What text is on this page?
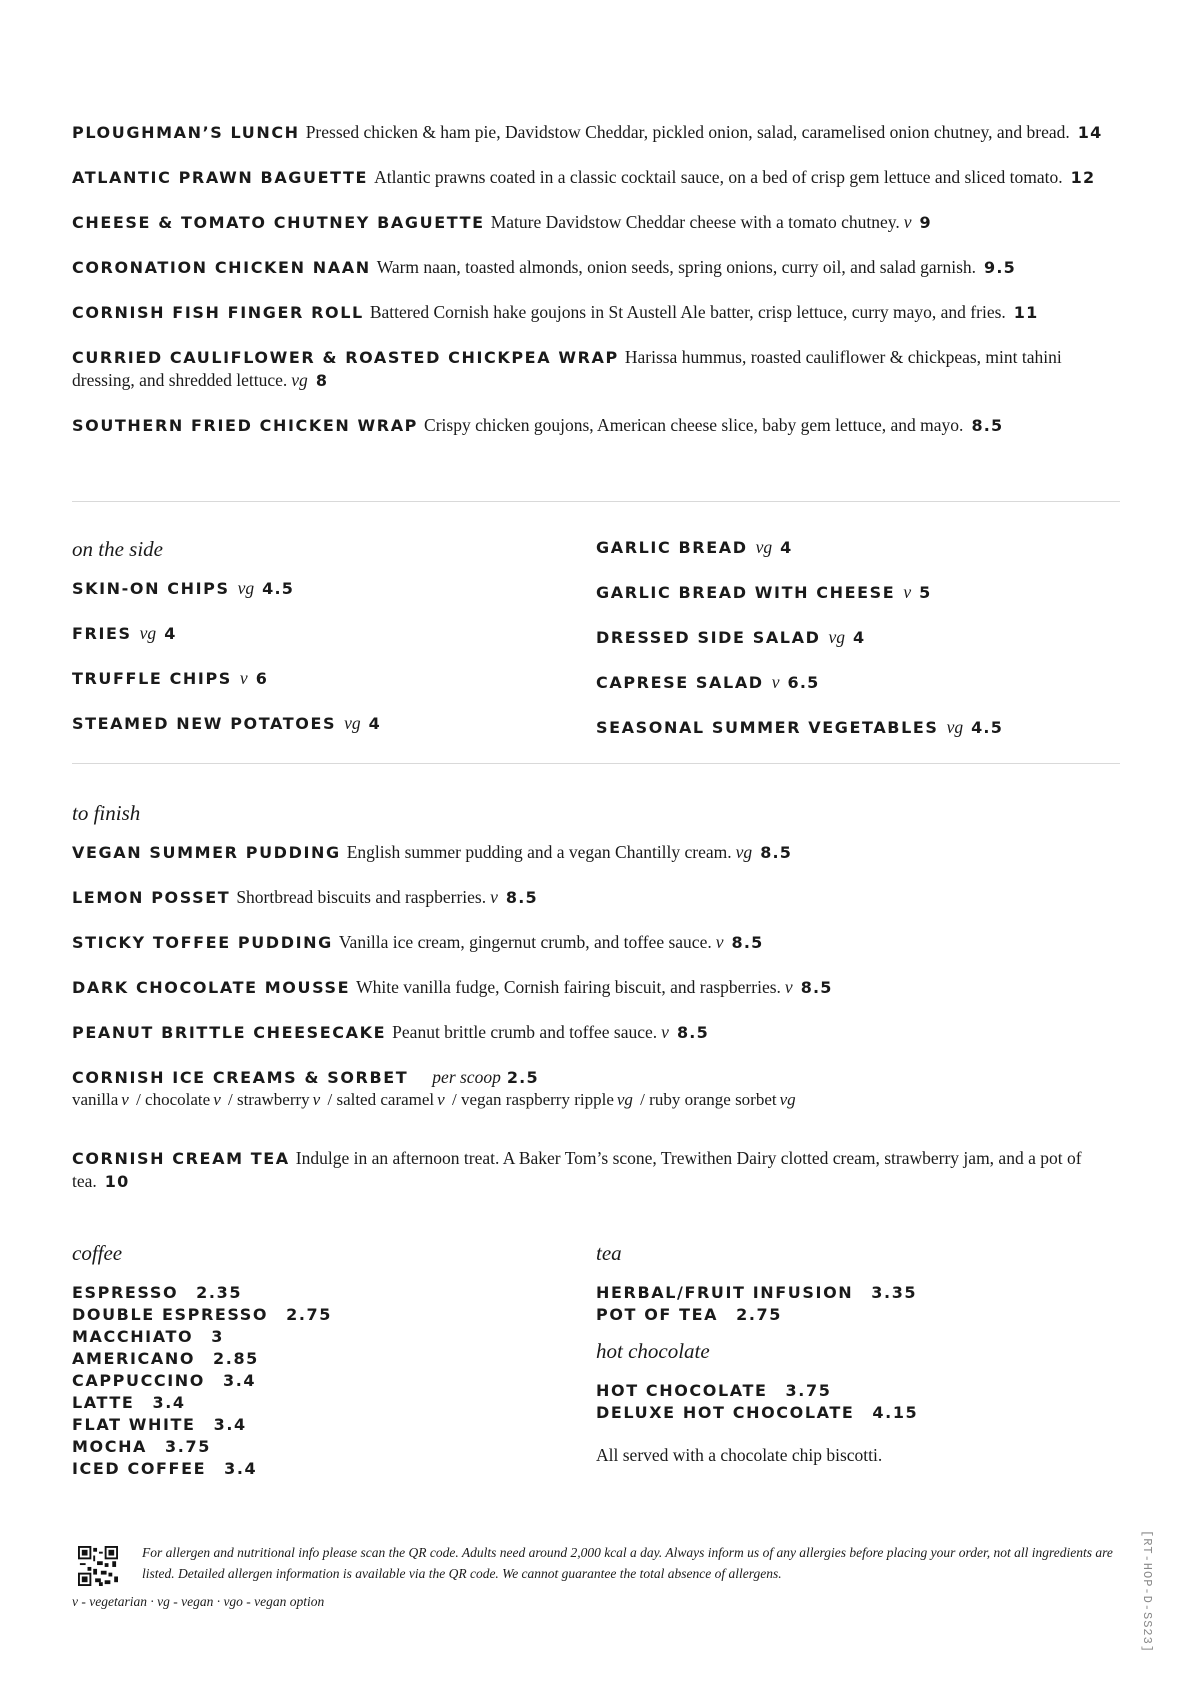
PLOUGHMAN’S LUNCH Pressed chicken & ham pie, Davidstow Cheddar, pickled onion, salad, caramelised onion chutney, and bread. 14

ATLANTIC PRAWN BAGUETTE Atlantic prawns coated in a classic cocktail sauce, on a bed of crisp gem lettuce and sliced tomato. 12

CHEESE & TOMATO CHUTNEY BAGUETTE Mature Davidstow Cheddar cheese with a tomato chutney. v 9

CORONATION CHICKEN NAAN Warm naan, toasted almonds, onion seeds, spring onions, curry oil, and salad garnish. 9.5

CORNISH FISH FINGER ROLL Battered Cornish hake goujons in St Austell Ale batter, crisp lettuce, curry mayo, and fries. 11

CURRIED CAULIFLOWER & ROASTED CHICKPEA WRAP Harissa hummus, roasted cauliflower & chickpeas, mint tahini dressing, and shredded lettuce. vg 8

SOUTHERN FRIED CHICKEN WRAP Crispy chicken goujons, American cheese slice, baby gem lettuce, and mayo. 8.5

on the side

SKIN-ON CHIPS vg 4.5
FRIES vg 4
TRUFFLE CHIPS v 6
STEAMED NEW POTATOES vg 4
GARLIC BREAD vg 4
GARLIC BREAD WITH CHEESE v 5
DRESSED SIDE SALAD vg 4
CAPRESE SALAD v 6.5
SEASONAL SUMMER VEGETABLES vg 4.5

to finish

VEGAN SUMMER PUDDING English summer pudding and a vegan Chantilly cream. vg 8.5

LEMON POSSET Shortbread biscuits and raspberries. v 8.5

STICKY TOFFEE PUDDING Vanilla ice cream, gingernut crumb, and toffee sauce. v 8.5

DARK CHOCOLATE MOUSSE White vanilla fudge, Cornish fairing biscuit, and raspberries. v 8.5

PEANUT BRITTLE CHEESECAKE Peanut brittle crumb and toffee sauce. v 8.5

CORNISH ICE CREAMS & SORBET per scoop 2.5

vanilla v / chocolate v / strawberry v / salted caramel v / vegan raspberry ripple vg / ruby orange sorbet vg

CORNISH CREAM TEA Indulge in an afternoon treat. A Baker Tom’s scone, Trewithen Dairy clotted cream, strawberry jam, and a pot of tea. 10

coffee

ESPRESSO 2.35

DOUBLE ESPRESSO 2.75

MACCHIATO 3

AMERICANO 2.85

CAPPUCCINO 3.4

LATTE 3.4

FLAT WHITE 3.4

MOCHA 3.75

ICED COFFEE 3.4

tea

HERBAL/FRUIT INFUSION 3.35

POT OF TEA 2.75

hot chocolate

HOT CHOCOLATE 3.75

DELUXE HOT CHOCOLATE 4.15

All served with a chocolate chip biscotti.

For allergen and nutritional info please scan the QR code. Adults need around 2,000 kcal a day. Always inform us of any allergies before placing your order, not all ingredients are listed. Detailed allergen information is available via the QR code. We cannot guarantee the total absence of allergens.
v - vegetarian · vg - vegan · vgo - vegan option	[RT-HOP-D-SS23]
